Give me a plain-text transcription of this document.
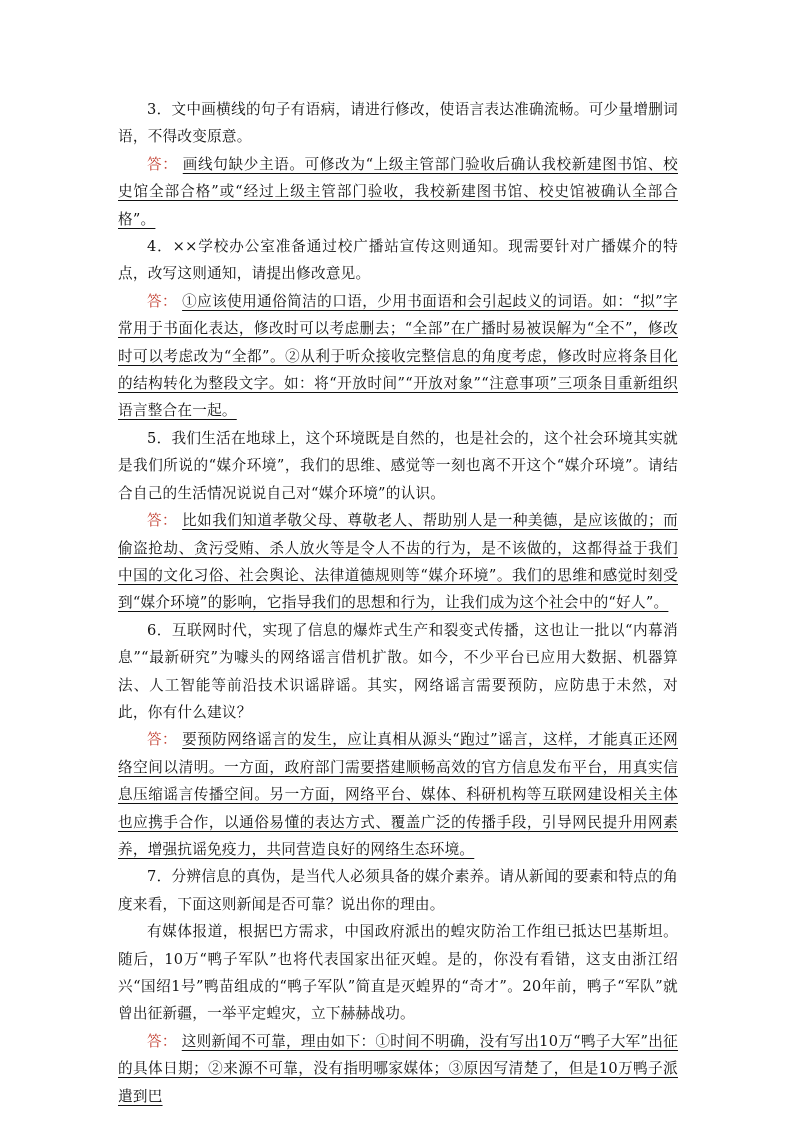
3．文中画横线的句子有语病，请进行修改，使语言表达准确流畅。可少量增删词语，不得改变原意。

答： 画线句缺少主语。可修改为“上级主管部门验收后确认我校新建图书馆、校史馆全部合格”或“经过上级主管部门验收，我校新建图书馆、校史馆被确认全部合格”。

4．××学校办公室准备通过校广播站宣传这则通知。现需要针对广播媒介的特点，改写这则通知，请提出修改意见。

答： ①应该使用通俗简洁的口语，少用书面语和会引起歧义的词语。如：“拟”字常用于书面化表达，修改时可以考虑删去；“全部”在广播时易被误解为“全不”，修改时可以考虑改为“全都”。②从利于听众接收完整信息的角度考虑，修改时应将条目化的结构转化为整段文字。如：将“开放时间”“开放对象”“注意事项”三项条目重新组织语言整合在一起。

5．我们生活在地球上，这个环境既是自然的，也是社会的，这个社会环境其实就是我们所说的“媒介环境”，我们的思维、感觉等一刻也离不开这个“媒介环境”。请结合自己的生活情况说说自己对“媒介环境”的认识。

答： 比如我们知道孝敬父母、尊敬老人、帮助别人是一种美德，是应该做的；而偷盗抢劫、贪污受贿、杀人放火等是令人不齿的行为，是不该做的，这都得益于我们中国的文化习俗、社会舆论、法律道德规则等“媒介环境”。我们的思维和感觉时刻受到“媒介环境”的影响，它指导我们的思想和行为，让我们成为这个社会中的“好人”。

6．互联网时代，实现了信息的爆炸式生产和裂变式传播，这也让一批以“内幕消息”“最新研究”为噱头的网络谣言借机扩散。如今，不少平台已应用大数据、机器算法、人工智能等前沿技术识谣辟谣。其实，网络谣言需要预防，应防患于未然，对此，你有什么建议？

答： 要预防网络谣言的发生，应让真相从源头“跑过”谣言，这样，才能真正还网络空间以清明。一方面，政府部门需要搭建顺畅高效的官方信息发布平台，用真实信息压缩谣言传播空间。另一方面，网络平台、媒体、科研机构等互联网建设相关主体也应携手合作，以通俗易懂的表达方式、覆盖广泛的传播手段，引导网民提升用网素养，增强抗谣免疫力，共同营造良好的网络生态环境。

7．分辨信息的真伪，是当代人必须具备的媒介素养。请从新闻的要素和特点的角度来看，下面这则新闻是否可靠？说出你的理由。

有媒体报道，根据巴方需求，中国政府派出的蝗灾防治工作组已抵达巴基斯坦。随后，10万“鸭子军队”也将代表国家出征灭蝗。是的，你没有看错，这支由浙江绍兴“国绍1号”鸭苗组成的“鸭子军队”简直是灭蝗界的“奇才”。20年前，鸭子“军队”就曾出征新疆，一举平定蝗灾，立下赫赫战功。

答： 这则新闻不可靠，理由如下：①时间不明确，没有写出10万“鸭子大军”出征的具体日期；②来源不可靠，没有指明哪家媒体；③原因写清楚了，但是10万鸭子派遣到巴
